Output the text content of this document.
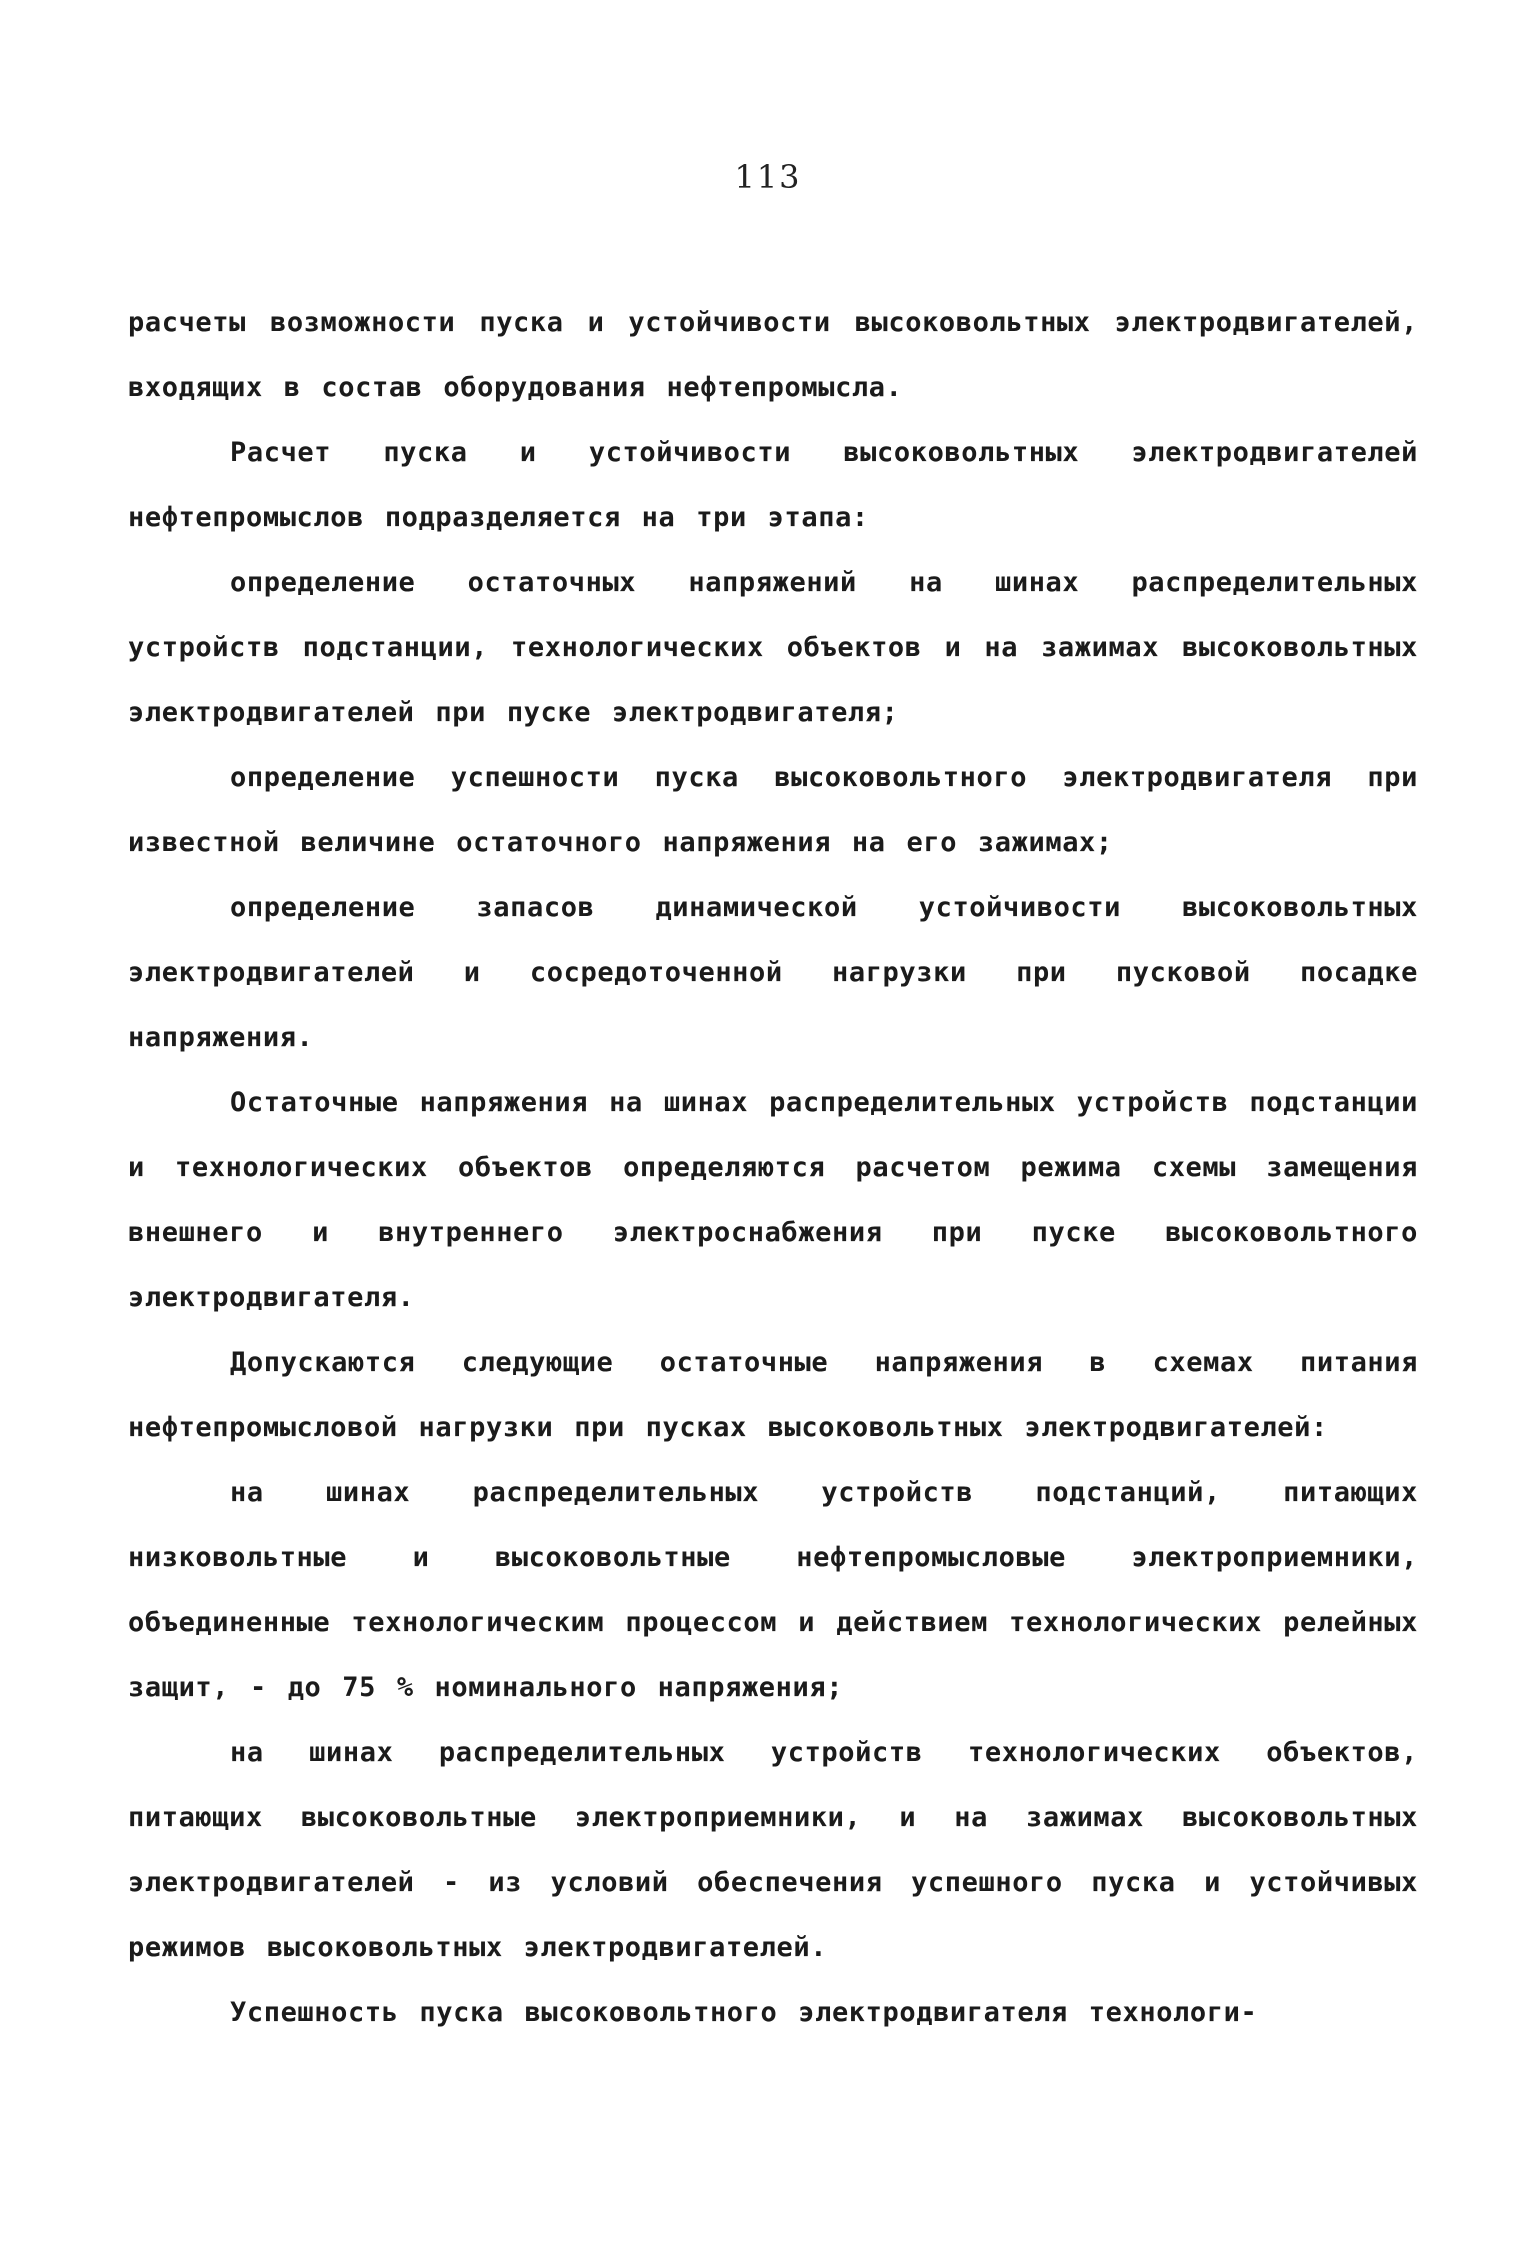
113

расчеты возможности пуска и устойчивости высоковольтных электродвигателей, входящих в состав оборудования нефтепромысла.

Расчет пуска и устойчивости высоковольтных электродвигателей нефтепромыслов подразделяется на три этапа:

определение остаточных напряжений на шинах распределительных устройств подстанции, технологических объектов и на зажимах высоковольтных электродвигателей при пуске электродвигателя;

определение успешности пуска высоковольтного электродвигателя при известной величине остаточного напряжения на его зажимах;

определение запасов динамической устойчивости высоковольтных электродвигателей и сосредоточенной нагрузки при пусковой посадке напряжения.

Остаточные напряжения на шинах распределительных устройств подстанции и технологических объектов определяются расчетом режима схемы замещения внешнего и внутреннего электроснабжения при пуске высоковольтного электродвигателя.

Допускаются следующие остаточные напряжения в схемах питания нефтепромысловой нагрузки при пусках высоковольтных электродвигателей:

на шинах распределительных устройств подстанций, питающих низковольтные и высоковольтные нефтепромысловые электроприемники, объединенные технологическим процессом и действием технологических релейных защит, - до 75 % номинального напряжения;

на шинах распределительных устройств технологических объектов, питающих высоковольтные электроприемники, и на зажимах высоковольтных электродвигателей - из условий обеспечения успешного пуска и устойчивых режимов высоковольтных электродвигателей.

Успешность пуска высоковольтного электродвигателя технологи-
